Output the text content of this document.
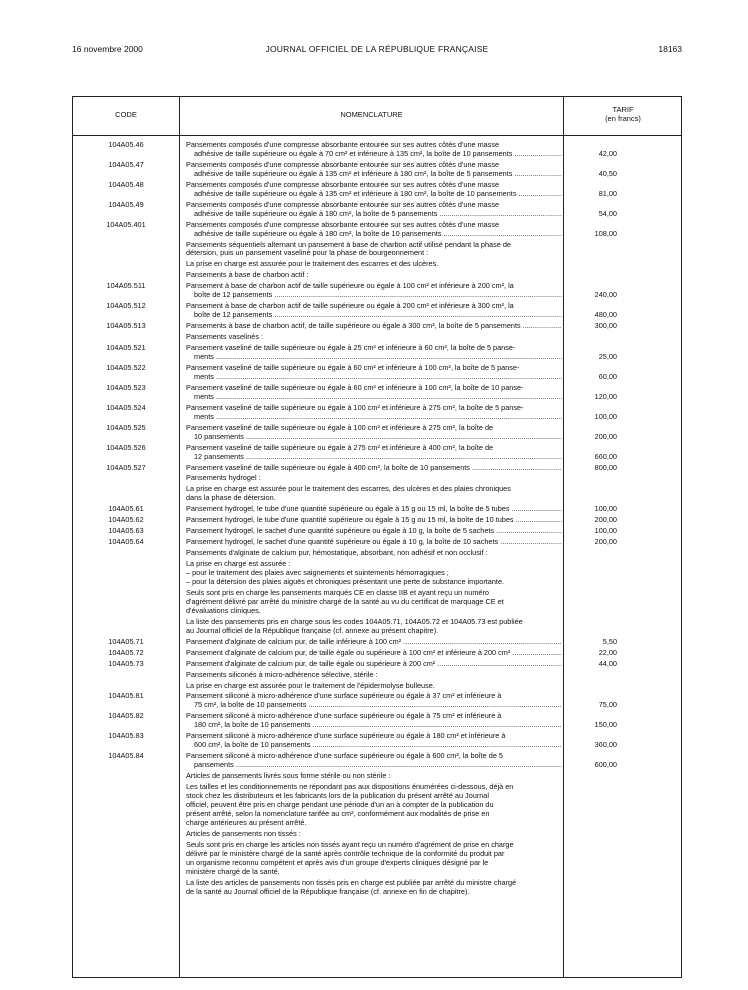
16 novembre 2000	JOURNAL OFFICIEL DE LA RÉPUBLIQUE FRANÇAISE	18163
CODE	NOMENCLATURE
TARIF
(en francs)
104A05.46	Pansements composés d'une compresse absorbante entourée sur ses autres côtés d'une masse
adhésive de taille supérieure ou égale à 70 cm² et inférieure à 135 cm², la boîte de 10 pansements .....	42,00
104A05.47	Pansements composés d'une compresse absorbante entourée sur ses autres côtés d'une masse
adhésive de taille supérieure ou égale à 135 cm² et inférieure à 180 cm², la boîte de 5 pansements .....	40,50
104A05.48	Pansements composés d'une compresse absorbante entourée sur ses autres côtés d'une masse
adhésive de taille supérieure ou égale à 135 cm² et inférieure à 180 cm², la boîte de 10 pansements .....	81,00
104A05.49	Pansements composés d'une compresse absorbante entourée sur ses autres côtés d'une masse
adhésive de taille supérieure ou égale à 180 cm², la boîte de 5 pansements .....	54,00
104A05.401	Pansements composés d'une compresse absorbante entourée sur ses autres côtés d'une masse
adhésive de taille supérieure ou égale à 180 cm², la boîte de 10 pansements .....	108,00
Pansements séquentiels alternant un pansement à base de charbon actif utilisé pendant la phase de
détersion, puis un pansement vaseliné pour la phase de bourgeonnement :
La prise en charge est assurée pour le traitement des escarres et des ulcères.
Pansements à base de charbon actif :
104A05.511	Pansement à base de charbon actif de taille supérieure ou égale à 100 cm² et inférieure à 200 cm², la
boîte de 12 pansements .....	240,00
104A05.512	Pansement à base de charbon actif de taille supérieure ou égale à 200 cm² et inférieure à 300 cm², la
boîte de 12 pansements .....	480,00
104A05.513	Pansements à base de charbon actif, de taille supérieure ou égale à 300 cm², la boîte de 5 pansements .....	300,00
Pansements vaselinés :
104A05.521	Pansement vaseliné de taille supérieure ou égale à 25 cm² et inférieure à 60 cm², la boîte de 5 panse-
ments .....	25,00
104A05.522	Pansement vaseliné de taille supérieure ou égale à 60 cm² et inférieure à 100 cm², la boîte de 5 panse-
ments .....	60,00
104A05.523	Pansement vaseliné de taille supérieure ou égale à 60 cm² et inférieure à 100 cm², la boîte de 10 panse-
ments .....	120,00
104A05.524	Pansement vaseliné de taille supérieure ou égale à 100 cm² et inférieure à 275 cm², la boîte de 5 panse-
ments .....	100,00
104A05.525	Pansement vaseliné de taille supérieure ou égale à 100 cm² et inférieure à 275 cm², la boîte de
10 pansements .....	200,00
104A05.526	Pansement vaseliné de taille supérieure ou égale à 275 cm² et inférieure à 400 cm², la boîte de
12 pansements .....	660,00
104A05.527	Pansement vaseliné de taille supérieure ou égale à 400 cm², la boîte de 10 pansements .....	800,00
Pansements hydrogel :
La prise en charge est assurée pour le traitement des escarres, des ulcères et des plaies chroniques
dans la phase de détersion.
104A05.61	Pansement hydrogel, le tube d'une quantité supérieure ou égale à 15 g ou 15 ml, la boîte de 5 tubes .....	100,00
104A05.62	Pansement hydrogel, le tube d'une quantité supérieure ou égale à 15 g ou 15 ml, la boîte de 10 tubes .....	200,00
104A05.63	Pansement hydrogel, le sachet d'une quantité supérieure ou égale à 10 g, la boîte de 5 sachets .....	100,00
104A05.64	Pansement hydrogel, le sachet d'une quantité supérieure ou égale à 10 g, la boîte de 10 sachets .....	200,00
Pansements d'alginate de calcium pur, hémostatique, absorbant, non adhésif et non occlusif :
La prise en charge est assurée :
– pour le traitement des plaies avec saignements et suintements hémorragiques ;
– pour la détersion des plaies aiguës et chroniques présentant une perte de substance importante.
Seuls sont pris en charge les pansements marqués CE en classe IIB et ayant reçu un numéro
d'agrément délivré par arrêté du ministre chargé de la santé au vu du certificat de marquage CE et
d'évaluations cliniques.
La liste des pansements pris en charge sous les codes 104A05.71, 104A05.72 et 104A05.73 est publiée
au Journal officiel de la République française (cf. annexe au présent chapitre).
104A05.71	Pansement d'alginate de calcium pur, de taille inférieure à 100 cm² .....	5,50
104A05.72	Pansement d'alginate de calcium pur, de taille égale ou supérieure à 100 cm² et inférieure à 200 cm² .....	22,00
104A05.73	Pansement d'alginate de calcium pur, de taille égale ou supérieure à 200 cm² .....	44,00
Pansements siliconés à micro-adhérence sélective, stérile :
La prise en charge est assurée pour le traitement de l'épidermolyse bulleuse.
104A05.81	Pansement siliconé à micro-adhérence d'une surface supérieure ou égale à 37 cm² et inférieure à
75 cm², la boîte de 10 pansements .....	75,00
104A05.82	Pansement siliconé à micro-adhérence d'une surface supérieure ou égale à 75 cm² et inférieure à
180 cm², la boîte de 10 pansements .....	150,00
104A05.83	Pansement siliconé à micro-adhérence d'une surface supérieure ou égale à 180 cm² et inférieure à
600 cm², la boîte de 10 pansements .....	360,00
104A05.84	Pansement siliconé à micro-adhérence d'une surface supérieure ou égale à 600 cm², la boîte de 5
pansements .....	600,00
Articles de pansements livrés sous forme stérile ou non stérile :
Les tailles et les conditionnements ne répondant pas aux dispositions énumérées ci-dessous, déjà en
stock chez les distributeurs et les fabricants lors de la publication du présent arrêté au Journal
officiel, peuvent être pris en charge pendant une période d'un an à compter de la publication du
présent arrêté, selon la nomenclature tarifée au cm², conformément aux modalités de prise en
charge antérieures au présent arrêté.
Articles de pansements non tissés :
Seuls sont pris en charge les articles non tissés ayant reçu un numéro d'agrément de prise en charge
délivré par le ministère chargé de la santé après contrôle technique de la conformité du produit par
un organisme reconnu compétent et après avis d'un groupe d'experts cliniques désigné par le
ministère chargé de la santé.
La liste des articles de pansements non tissés pris en charge est publiée par arrêté du ministre chargé
de la santé au Journal officiel de la République française (cf. annexe en fin de chapitre).
